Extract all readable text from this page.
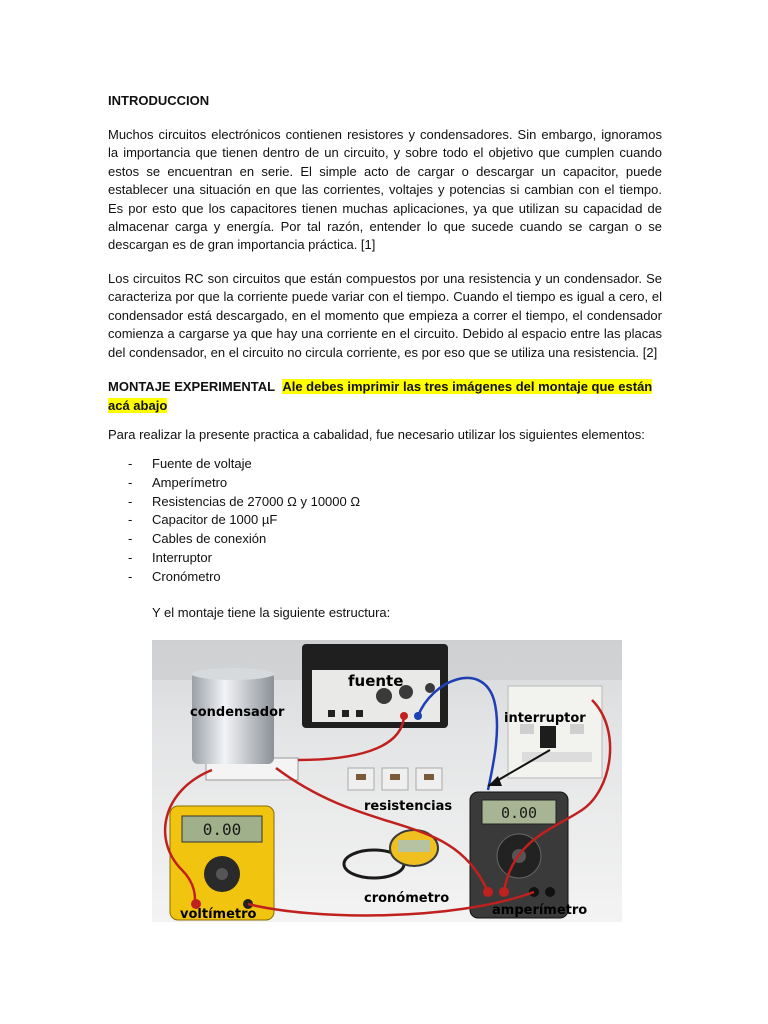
INTRODUCCION
Muchos circuitos electrónicos contienen resistores y condensadores. Sin embargo, ignoramos la importancia que tienen dentro de un circuito, y sobre todo el objetivo que cumplen cuando estos se encuentran en serie. El simple acto de cargar o descargar un capacitor, puede establecer una situación en que las corrientes, voltajes y potencias si cambian con el tiempo. Es por esto que los capacitores tienen muchas aplicaciones, ya que utilizan su capacidad de almacenar carga y energía. Por tal razón, entender lo que sucede cuando se cargan o se descargan es de gran importancia práctica. [1]
Los circuitos RC son circuitos que están compuestos por una resistencia y un condensador. Se caracteriza por que la corriente puede variar con el tiempo. Cuando el tiempo es igual a cero, el condensador está descargado, en el momento que empieza a correr el tiempo, el condensador comienza a cargarse ya que hay una corriente en el circuito. Debido al espacio entre las placas del condensador, en el circuito no circula corriente, es por eso que se utiliza una resistencia. [2]
MONTAJE EXPERIMENTAL Ale debes imprimir las tres imágenes del montaje que están acá abajo
Para realizar la presente practica a cabalidad, fue necesario utilizar los siguientes elementos:
- Fuente de voltaje
- Amperímetro
- Resistencias de 27000 Ω y 10000 Ω
- Capacitor de 1000 µF
- Cables de conexión
- Interruptor
- Cronómetro
Y el montaje tiene la siguiente estructura:
0.00
0.00
fuente
condensador	interruptor
resistencias
voltímetro
cronómetro
amperímetro
